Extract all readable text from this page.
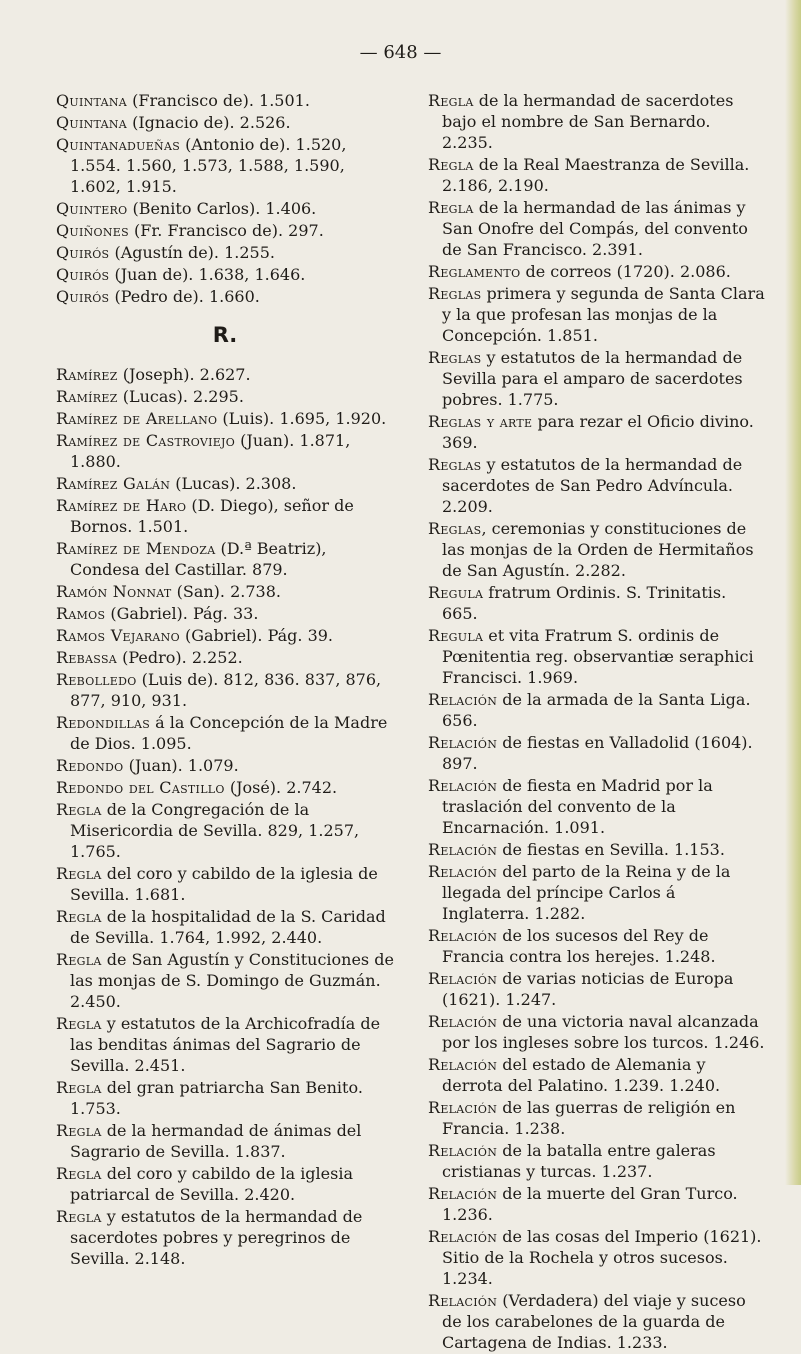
— 648 —

Quintana (Francisco de). 1.501.

Quintana (Ignacio de). 2.526.

Quintanadueñas (Antonio de). 1.520, 1.554. 1.560, 1.573, 1.588, 1.590, 1.602, 1.915.

Quintero (Benito Carlos). 1.406.

Quiñones (Fr. Francisco de). 297.

Quirós (Agustín de). 1.255.

Quirós (Juan de). 1.638, 1.646.

Quirós (Pedro de). 1.660.

R.

Ramírez (Joseph). 2.627.

Ramírez (Lucas). 2.295.

Ramírez de Arellano (Luis). 1.695, 1.920.

Ramírez de Castroviejo (Juan). 1.871, 1.880.

Ramírez Galán (Lucas). 2.308.

Ramírez de Haro (D. Diego), señor de Bornos. 1.501.

Ramírez de Mendoza (D.ª Beatriz), Condesa del Castillar. 879.

Ramón Nonnat (San). 2.738.

Ramos (Gabriel). Pág. 33.

Ramos Vejarano (Gabriel). Pág. 39.

Rebassa (Pedro). 2.252.

Rebolledo (Luis de). 812, 836. 837, 876, 877, 910, 931.

Redondillas á la Concepción de la Madre de Dios. 1.095.

Redondo (Juan). 1.079.

Redondo del Castillo (José). 2.742.

Regla de la Congregación de la Misericordia de Sevilla. 829, 1.257, 1.765.

Regla del coro y cabildo de la iglesia de Sevilla. 1.681.

Regla de la hospitalidad de la S. Caridad de Sevilla. 1.764, 1.992, 2.440.

Regla de San Agustín y Constituciones de las monjas de S. Domingo de Guzmán. 2.450.

Regla y estatutos de la Archicofradía de las benditas ánimas del Sagrario de Sevilla. 2.451.

Regla del gran patriarcha San Benito. 1.753.

Regla de la hermandad de ánimas del Sagrario de Sevilla. 1.837.

Regla del coro y cabildo de la iglesia patriarcal de Sevilla. 2.420.

Regla y estatutos de la hermandad de sacerdotes pobres y peregrinos de Sevilla. 2.148.

Regla de la hermandad de sacerdotes bajo el nombre de San Bernardo. 2.235.

Regla de la Real Maestranza de Sevilla. 2.186, 2.190.

Regla de la hermandad de las ánimas y San Onofre del Compás, del convento de San Francisco. 2.391.

Reglamento de correos (1720). 2.086.

Reglas primera y segunda de Santa Clara y la que profesan las monjas de la Concepción. 1.851.

Reglas y estatutos de la hermandad de Sevilla para el amparo de sacerdotes pobres. 1.775.

Reglas y arte para rezar el Oficio divino. 369.

Reglas y estatutos de la hermandad de sacerdotes de San Pedro Advíncula. 2.209.

Reglas, ceremonias y constituciones de las monjas de la Orden de Hermitaños de San Agustín. 2.282.

Regula fratrum Ordinis. S. Trinitatis. 665.

Regula et vita Fratrum S. ordinis de Pœnitentia reg. observantiæ seraphici Francisci. 1.969.

Relación de la armada de la Santa Liga. 656.

Relación de fiestas en Valladolid (1604). 897.

Relación de fiesta en Madrid por la traslación del convento de la Encarnación. 1.091.

Relación de fiestas en Sevilla. 1.153.

Relación del parto de la Reina y de la llegada del príncipe Carlos á Inglaterra. 1.282.

Relación de los sucesos del Rey de Francia contra los herejes. 1.248.

Relación de varias noticias de Europa (1621). 1.247.

Relación de una victoria naval alcanzada por los ingleses sobre los turcos. 1.246.

Relación del estado de Alemania y derrota del Palatino. 1.239. 1.240.

Relación de las guerras de religión en Francia. 1.238.

Relación de la batalla entre galeras cristianas y turcas. 1.237.

Relación de la muerte del Gran Turco. 1.236.

Relación de las cosas del Imperio (1621). Sitio de la Rochela y otros sucesos. 1.234.

Relación (Verdadera) del viaje y suceso de los carabelones de la guarda de Cartagena de Indias. 1.233.
